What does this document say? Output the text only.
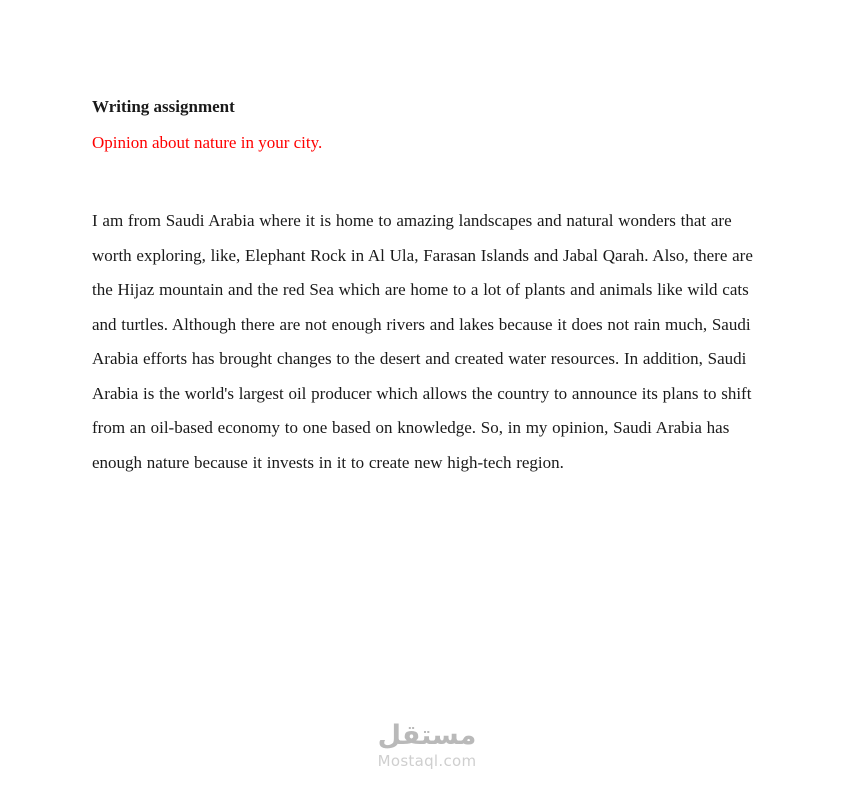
Writing assignment

Opinion about nature in your city.

I am from Saudi Arabia where it is home to amazing landscapes and natural wonders that are worth exploring, like, Elephant Rock in Al Ula, Farasan Islands and Jabal Qarah. Also, there are the Hijaz mountain and the red Sea which are home to a lot of plants and animals like wild cats and turtles. Although there are not enough rivers and lakes because it does not rain much, Saudi Arabia efforts has brought changes to the desert and created water resources. In addition, Saudi Arabia is the world's largest oil producer which allows the country to announce its plans to shift from an oil-based economy to one based on knowledge. So, in my opinion, Saudi Arabia has enough nature because it invests in it to create new high-tech region.

مستقل
Mostaql.com
